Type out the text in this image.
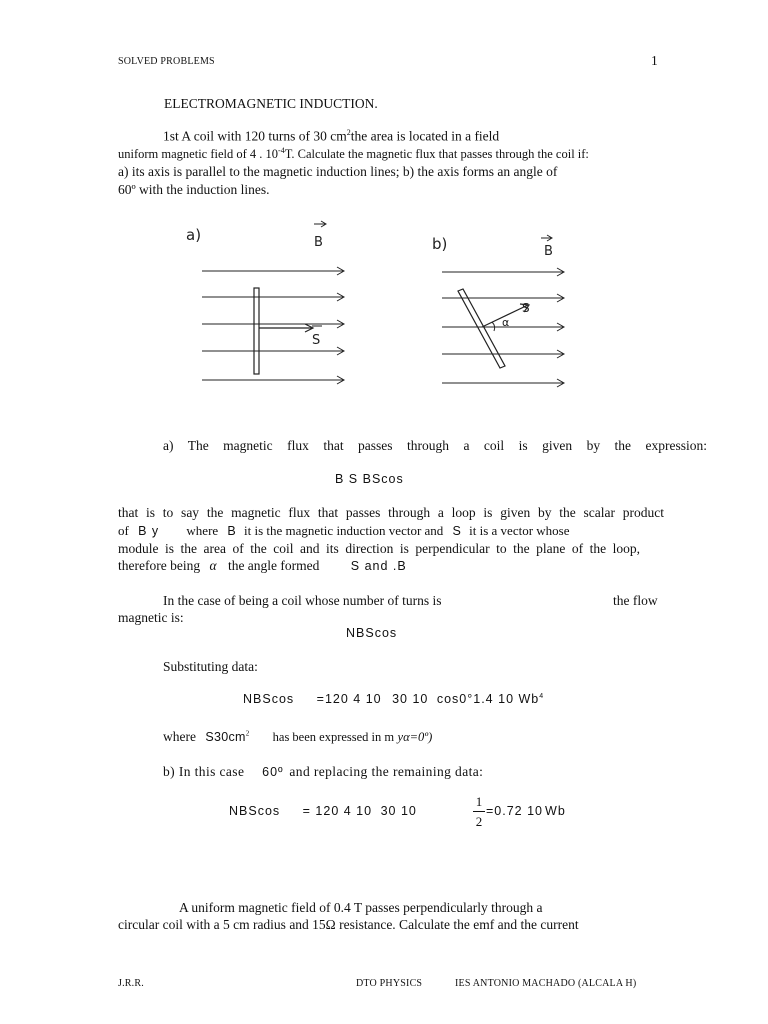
SOLVED PROBLEMS	1
ELECTROMAGNETIC INDUCTION.
1st A coil with 120 turns of 30 $cm^2the$ area is located in a field
uniform magnetic field of 4 . $10^{-4}T$. Calculate the magnetic flux that passes through the coil if:
a) its axis is parallel to the magnetic induction lines; b) the axis forms an angle of
60º with the induction lines.
a)	B
S
b)	B
S
α
a) The magnetic flux that passes through a coil is given by the expression:
B S BScos
that is to say the magnetic flux that passes through a loop is given by the scalar product
of B y where B it is the magnetic induction vector and S it is a vector whose
module is the area of the coil and its direction is perpendicular to the plane of the loop,
therefore being α the angle formed	S and .B
In the case of being a coil whose number of turns is	the flow
magnetic is:
NBScos
Substituting data:
NBScos =120 4 10 30 10 cos0°1.4 10 Wb$^4$
where $S30cm^2$ has been expressed in m yα=0º)
b) In this case 60º and replacing the remaining data:
NBScos = 120 4 10 30 10
1
2
=0.72 10 Wb
A uniform magnetic field of 0.4 T passes perpendicularly through a
circular coil with a 5 cm radius and 15Ω resistance. Calculate the emf and the current
J.R.R.	DTO PHYSICS	IES ANTONIO MACHADO (ALCALA H)
